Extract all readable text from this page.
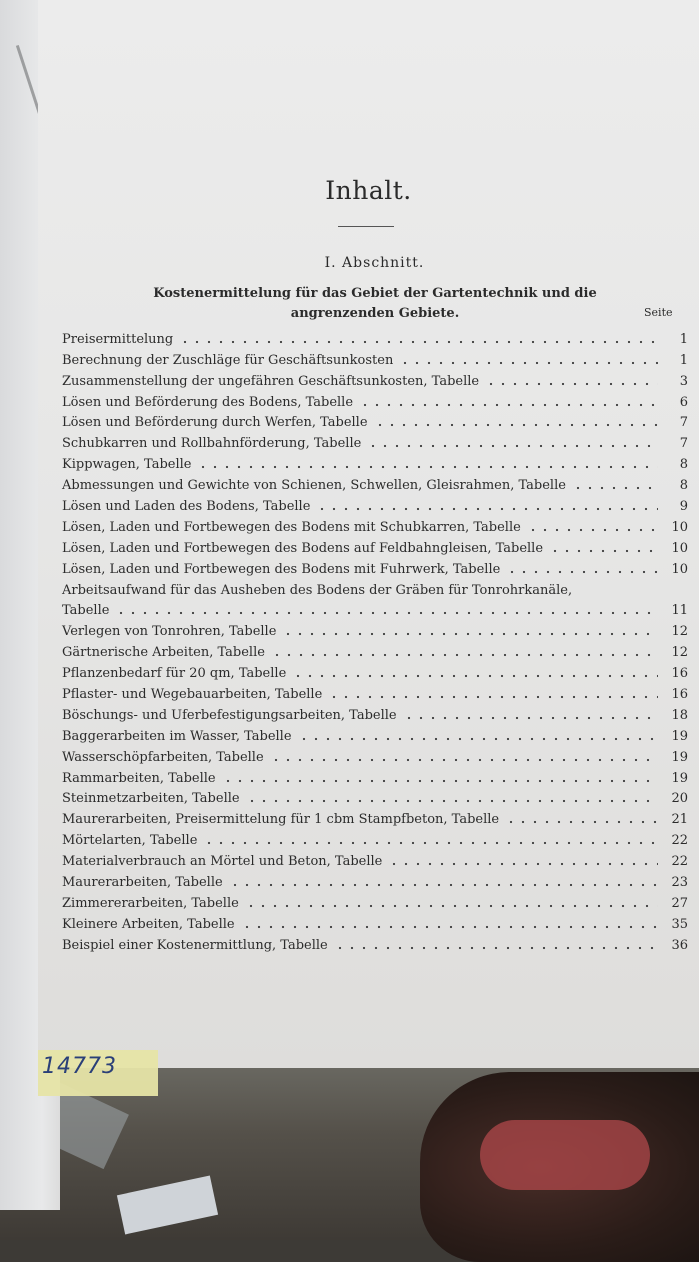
Inhalt.
I. Abschnitt.
Kostenermittelung für das Gebiet der Gartentechnik und die angrenzenden Gebiete.	Seite
Preisermittelung	1
Berechnung der Zuschläge für Geschäftsunkosten	1
Zusammenstellung der ungefähren Geschäftsunkosten, Tabelle	3
Lösen und Beförderung des Bodens, Tabelle	6
Lösen und Beförderung durch Werfen, Tabelle	7
Schubkarren und Rollbahnförderung, Tabelle	7
Kippwagen, Tabelle	8
Abmessungen und Gewichte von Schienen, Schwellen, Gleisrahmen, Tabelle	8
Lösen und Laden des Bodens, Tabelle	9
Lösen, Laden und Fortbewegen des Bodens mit Schubkarren, Tabelle	10
Lösen, Laden und Fortbewegen des Bodens auf Feldbahngleisen, Tabelle	10
Lösen, Laden und Fortbewegen des Bodens mit Fuhrwerk, Tabelle	10
Arbeitsaufwand für das Ausheben des Bodens der Gräben für Tonrohrkanäle,
Tabelle	11
Verlegen von Tonrohren, Tabelle	12
Gärtnerische Arbeiten, Tabelle	12
Pflanzenbedarf für 20 qm, Tabelle	16
Pflaster- und Wegebauarbeiten, Tabelle	16
Böschungs- und Uferbefestigungsarbeiten, Tabelle	18
Baggerarbeiten im Wasser, Tabelle	19
Wasserschöpfarbeiten, Tabelle	19
Rammarbeiten, Tabelle	19
Steinmetzarbeiten, Tabelle	20
Maurerarbeiten, Preisermittelung für 1 cbm Stampfbeton, Tabelle	21
Mörtelarten, Tabelle	22
Materialverbrauch an Mörtel und Beton, Tabelle	22
Maurerarbeiten, Tabelle	23
Zimmererarbeiten, Tabelle	27
Kleinere Arbeiten, Tabelle	35
Beispiel einer Kostenermittlung, Tabelle	36
14773
